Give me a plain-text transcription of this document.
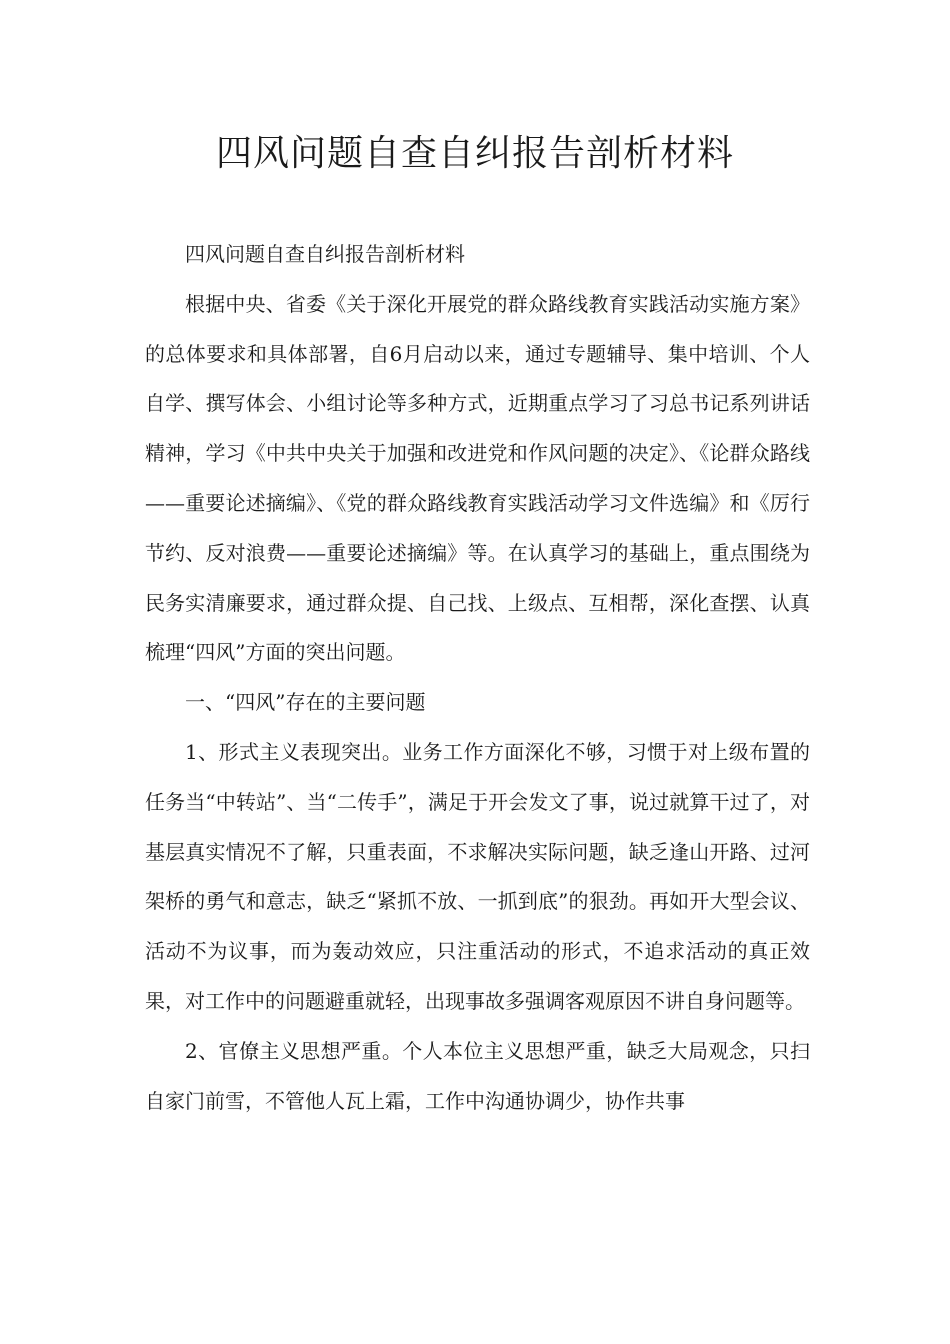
四风问题自查自纠报告剖析材料

四风问题自查自纠报告剖析材料

根据中央、省委《关于深化开展党的群众路线教育实践活动实施方案》的总体要求和具体部署，自6月启动以来，通过专题辅导、集中培训、个人自学、撰写体会、小组讨论等多种方式，近期重点学习了习总书记系列讲话精神，学习《中共中央关于加强和改进党和作风问题的决定》、《论群众路线——重要论述摘编》、《党的群众路线教育实践活动学习文件选编》和《厉行节约、反对浪费——重要论述摘编》等。在认真学习的基础上，重点围绕为民务实清廉要求，通过群众提、自己找、上级点、互相帮，深化查摆、认真梳理“四风”方面的突出问题。

一、“四风”存在的主要问题

1、形式主义表现突出。业务工作方面深化不够，习惯于对上级布置的任务当“中转站”、当“二传手”，满足于开会发文了事，说过就算干过了，对基层真实情况不了解，只重表面，不求解决实际问题，缺乏逢山开路、过河架桥的勇气和意志，缺乏“紧抓不放、一抓到底”的狠劲。再如开大型会议、活动不为议事，而为轰动效应，只注重活动的形式，不追求活动的真正效果，对工作中的问题避重就轻，出现事故多强调客观原因不讲自身问题等。

2、官僚主义思想严重。个人本位主义思想严重，缺乏大局观念，只扫自家门前雪，不管他人瓦上霜，工作中沟通协调少，协作共事
